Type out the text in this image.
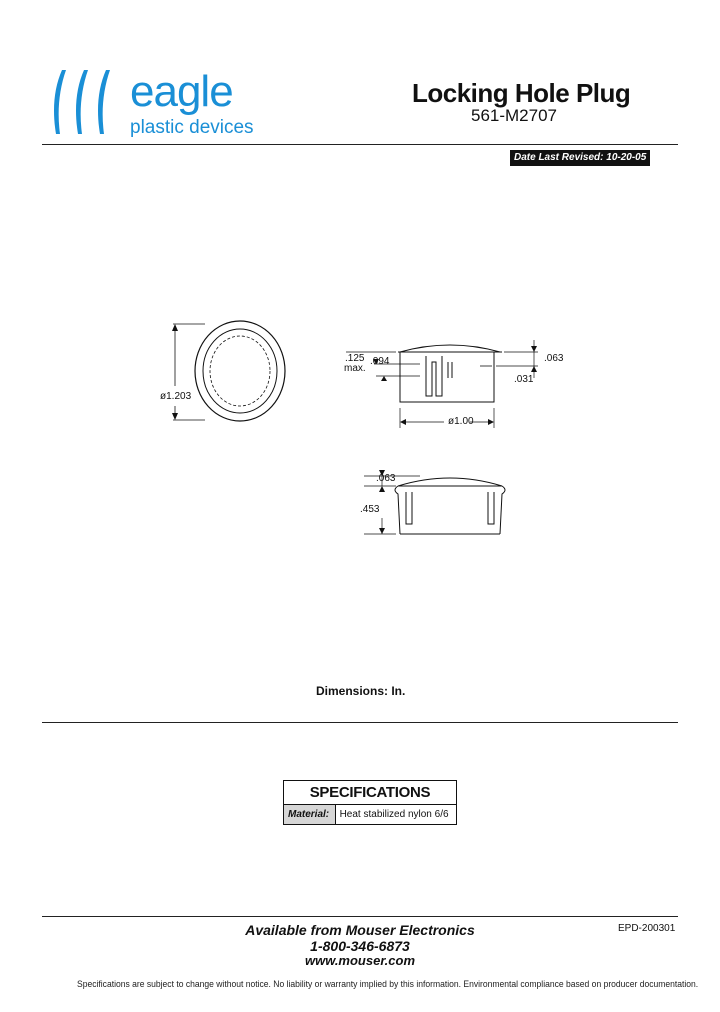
eagle
plastic devices
Locking Hole Plug
561-M2707
Date Last Revised: 10-20-05
ø1.203
.125
max.
.094	.063
.031
ø1.00
.063
.453
Dimensions: In.
SPECIFICATIONS
Material:	Heat stabilized nylon 6/6
Available from Mouser Electronics
1-800-346-6873
www.mouser.com
EPD-200301
Specifications are subject to change without notice. No liability or warranty implied by this information. Environmental compliance based on producer documentation.
